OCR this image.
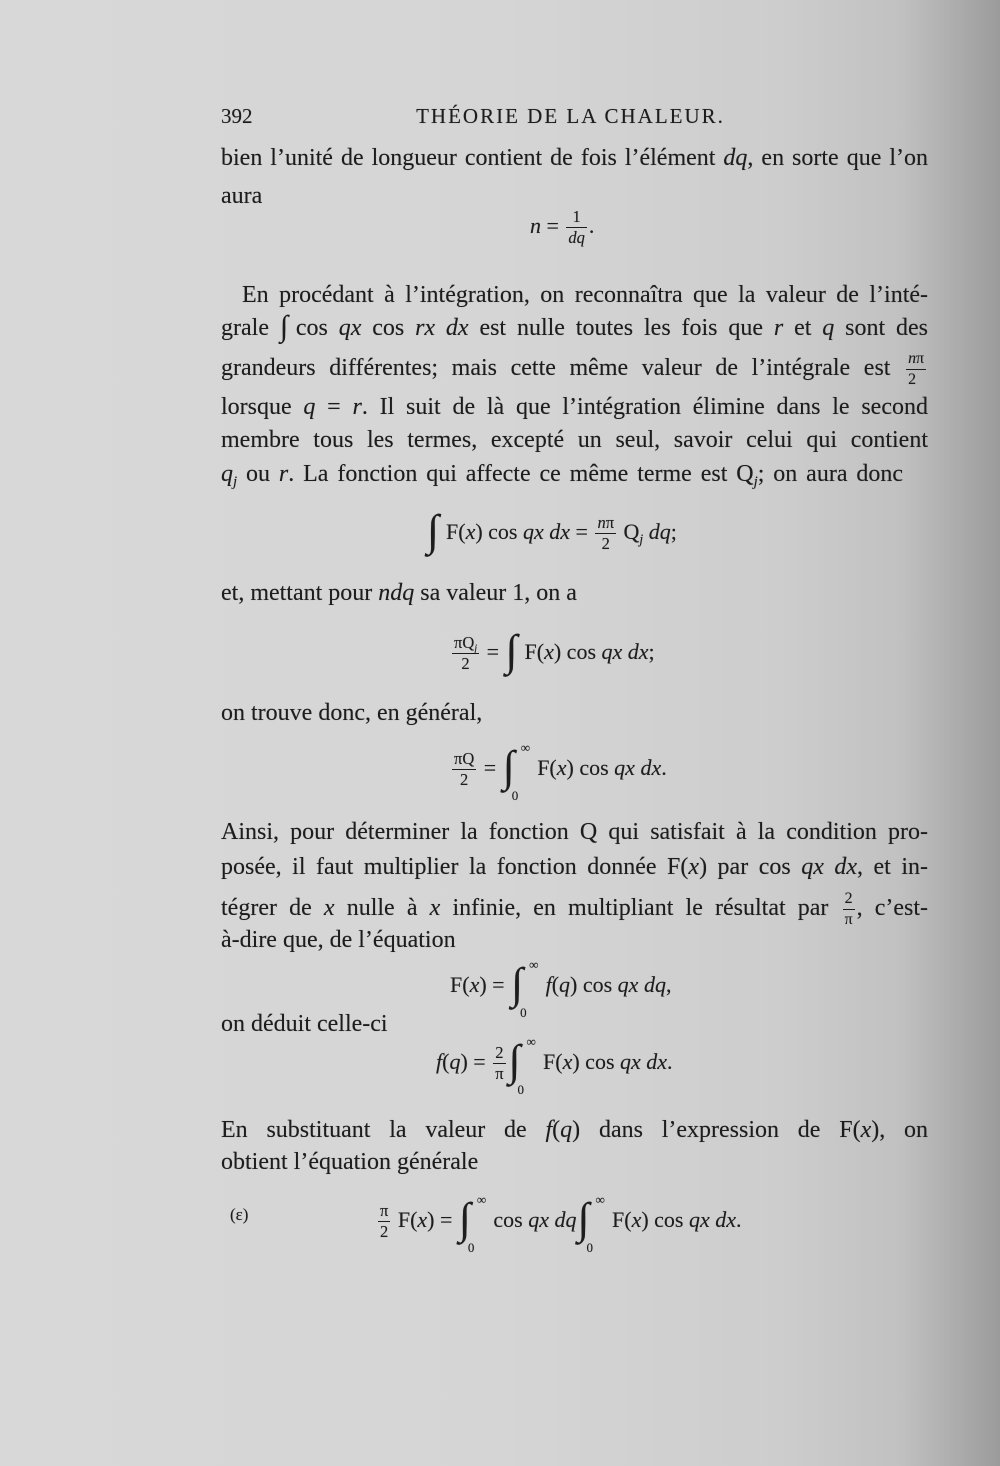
392	THÉORIE DE LA CHALEUR.
bien l’unité de longueur contient de fois l’élément dq, en sorte que l’on
aura
$n = \frac{1}{dq}$ .
En procédant à l’intégration, on reconnaîtra que la valeur de l’inté-
grale ∫ cos qx cos rx dx est nulle toutes les fois que r et q sont des
grandeurs différentes; mais cette même valeur de l’intégrale est $\frac{n\pi}{2}$
lorsque q = r. Il suit de là que l’intégration élimine dans le second
membre tous les termes, excepté un seul, savoir celui qui contient
$q_j$ ou r. La fonction qui affecte ce même terme est $Q_j$; on aura donc
∫ F(x) cos qx dx = $\frac{n\pi}{2} Q_j$ dq;
et, mettant pour ndq sa valeur 1, on a
$\frac{\pi Q_j}{2}$ = ∫ F(x) cos qx dx;
on trouve donc, en général,
$\frac{\pi Q}{2}$ = ∫ ∞
0
F(x) cos qx dx.
Ainsi, pour déterminer la fonction Q qui satisfait à la condition pro-
posée, il faut multiplier la fonction donnée F(x) par cos qx dx, et in-
tégrer de x nulle à x infinie, en multipliant le résultat par $\frac{2}{\pi}$ , c’est-
à-dire que, de l’équation
F(x) = ∫ ∞
0
f(q) cos qx dq,
on déduit celle-ci
$f(q) = \frac{2}{\pi}$ ∫ ∞
0
F(x) cos qx dx.
En substituant la valeur de f(q) dans l’expression de F(x), on
obtient l’équation générale
(ε)	$\frac{\pi}{2} F(x)$ = ∫ ∞
0
cos qx dq ∫ ∞
0
F(x) cos qx dx.
